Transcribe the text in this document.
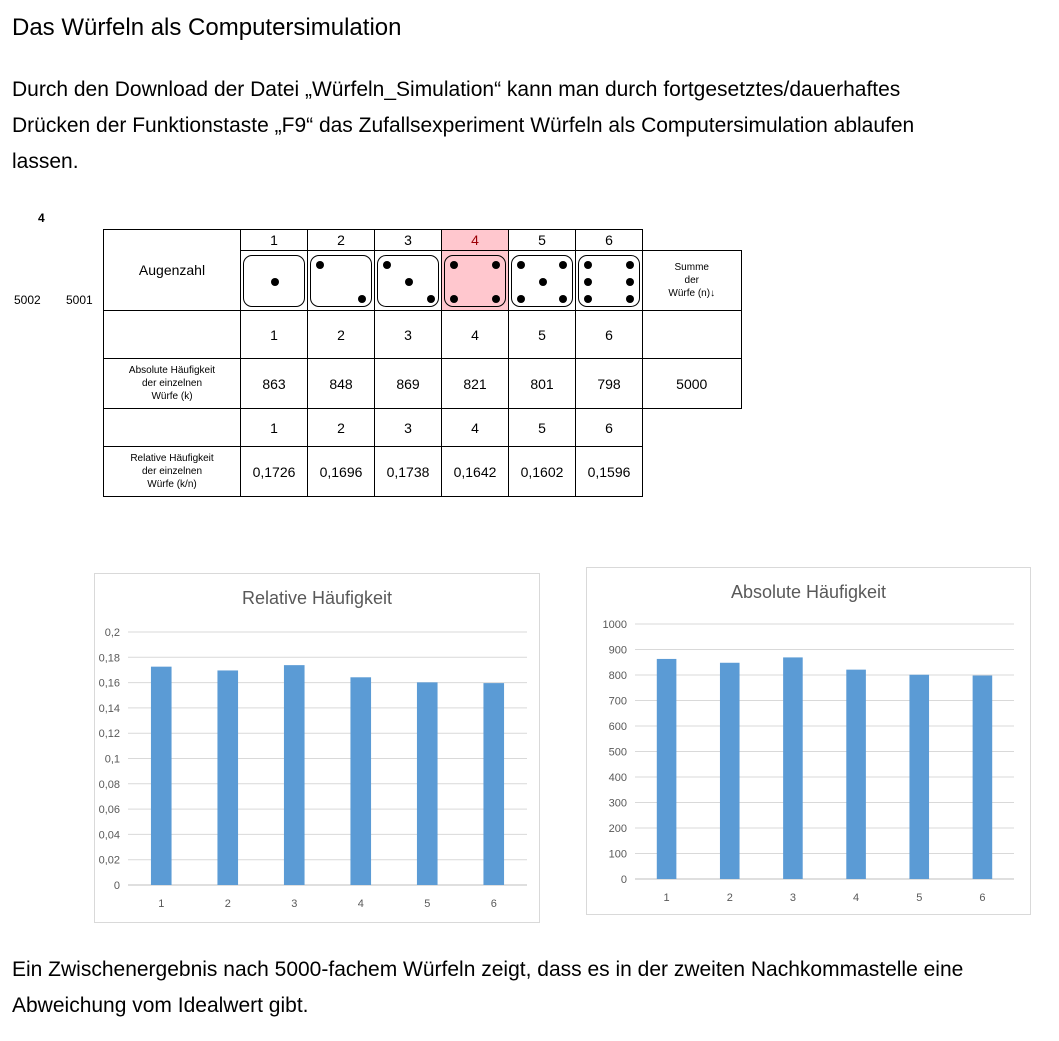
Das Würfeln als Computersimulation
Durch den Download der Datei „Würfeln_Simulation“ kann man durch fortgesetztes/dauerhaftes
Drücken der Funktionstaste „F9“ das Zufallsexperiment Würfeln als Computersimulation ablaufen
lassen.
4
5002 5001
Augenzahl	1	2	3	4	5	6	

							Summe
der
Würfe (n)↓

	1	2	3	4	5	6	

Absolute Häufigkeit
der einzelnen
Würfe (k)	863	848	869	821	801	798	5000
	1	2	3	4	5	6	

Relative Häufigkeit
der einzelnen
Würfe (k/n)	0,1726	0,1696	0,1738	0,1642	0,1602	0,1596	
Relative Häufigkeit
0
0,02
0,04
0,06
0,08
0,1
0,12
0,14
0,16
0,18
0,2
1	2	3	4	5	6
Absolute Häufigkeit
0
100
200
300
400
500
600
700
800
900
1000
1	2	3	4	5	6
Ein Zwischenergebnis nach 5000-fachem Würfeln zeigt, dass es in der zweiten Nachkommastelle eine
Abweichung vom Idealwert gibt.
